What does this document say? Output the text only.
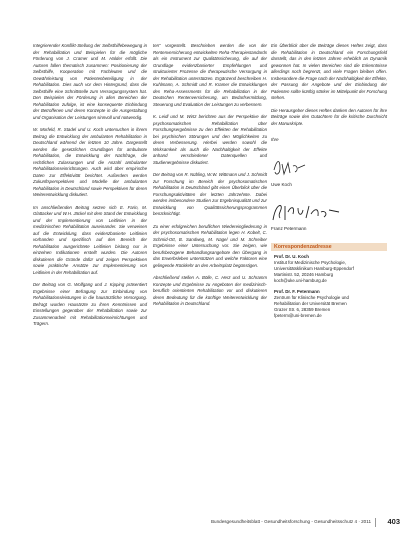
Integrierender Konflikt-Stellung der Selbsthilfebewegung in der Rehabilitation und Beispielen für die mögliche Förderung von J. Cramer und M. Halder erfüllt. Die Autoren fallen thematisch zusammen: Positionierung der Selbsthilfe, Kooperation mit Fachleuten und die Gewährleistung von Patientenbeteiligung in der Rehabilitation. Dies auch vor dem Hintergrund, dass die Selbsthilfe eine Schnittstelle zum Versorgungssystem hat. Den Beispielen der Förderung in allen Bereichen der Rehabilitation zufolge, ist eine konsequente Einbindung der Betroffenen und deren Konzepte in die Ausgestaltung und Organisation der Leistungen sinnvoll und notwendig.

W. Morfeld, R. Stadel und U. Koch untersuchen in ihrem Beitrag die Entwicklung der ambulanten Rehabilitation in Deutschland während der letzten 10 Jahre. Dargestellt werden die gesetzlichen Grundlagen für ambulante Rehabilitation, die Entwicklung der Nachfrage, die rechtlichen Zulassungen und die Anzahl ambulanter Rehabilitationseinrichtungen. Auch wird über empirische Daten zur Effektivität berichtet. Außerdem werden Zukunftsperspektiven und Modelle der ambulanten Rehabilitation in Deutschland sowie Perspektiven für deren Weiterentwicklung diskutiert.

Im anschließenden Beitrag setzen sich E. Farin, M. Glattacker und W.H. Jäckel mit dem Stand der Entwicklung und der Implementierung von Leitlinien in der medizinischen Rehabilitation auseinander. Sie verweisen auf die Entwicklung, dass evidenzbasierte Leitlinien vorhanden und spezifisch auf den Bereich der Rehabilitation ausgerichtete Leitlinien bislang nur in einzelnen Indikationen erstellt wurden. Die Autoren diskutieren die Gründe dafür und zeigen Perspektiven sowie praktische Ansätze zur Implementierung von Leitlinien in der Rehabilitation auf.

Der Beitrag von G. Wolfgang und J. Kipping präsentiert Ergebnisse einer Befragung zur Einbindung von Rehabilitationsleistungen in die hausärztliche Versorgung. Befragt wurden Hausärzte zu ihren Kenntnissen und Einstellungen gegenüber der Rehabilitation sowie zur Zusammenarbeit mit Rehabilitationseinrichtungen und Trägern.

ten" vorgestellt. Beschrieben werden die von der Rentenversicherung entwickelten Reha-Therapiestandards als ein Instrument zur Qualitätssicherung, die auf der Grundlage evidenzbasierter Empfehlungen und strukturierter Prozesse die therapeutische Versorgung in der Rehabilitation unterstützen. Ergänzend beschreiben H. Kuhlmann, A. Schmidt und R. Kramer die Entwicklungen des Reha-Assessments für die Rehabilitation in der Deutschen Rentenversicherung, um Bedarfsermittlung, Steuerung und Evaluation der Leistungen zu verbessern.

K. Leidl und M. Wirtz berichten aus der Perspektive der psychosomatischen Rehabilitation über Forschungsergebnisse zu den Effekten der Rehabilitation bei psychischen Störungen und den Möglichkeiten zu deren Verbesserung. Hierbei werden sowohl die Wirksamkeit als auch die Nachhaltigkeit der Effekte anhand verschiedener Datenquellen und Studienergebnisse diskutiert.

Der Beitrag von R. Nübling, W.W. Wittmann und J. Schmidt zur Forschung im Bereich der psychosomatischen Rehabilitation in Deutschland gibt einen Überblick über die Forschungsaktivitäten der letzten Jahrzehnte. Dabei werden insbesondere Studien zur Ergebnisqualität und zur Entwicklung von Qualitätssicherungsprogrammen berücksichtigt.

Zu einer erfolgreichen beruflichen Wiedereingliederung in der psychosomatischen Rehabilitation legen H. Kobelt, C. Schmid-Ott, B. Sandweg, M. Nagel und M. Schreiber Ergebnisse einer Untersuchung vor. Sie zeigen, wie berufsbezogene Behandlungsangebote den Übergang in das Erwerbsleben unterstützen und welche Faktoren eine gelingende Rückkehr an den Arbeitsplatz begünstigen.

Abschließend stellen A. Bölle, C. Herz und U. Schramm Konzepte und Ergebnisse zu Angeboten der medizinisch-beruflich orientierten Rehabilitation vor und diskutieren deren Bedeutung für die künftige Weiterentwicklung der Rehabilitation in Deutschland.

Ein Überblick über die Beiträge dieses Heftes zeigt, dass die Rehabilitation in Deutschland ein Forschungsfeld darstellt, das in den letzten Jahren erheblich an Dynamik gewonnen hat. In vielen Bereichen sind die Erkenntnisse allerdings noch begrenzt, und viele Fragen bleiben offen. Insbesondere die Frage nach der Nachhaltigkeit der Effekte, der Passung der Angebote und der Einbindung der Patienten sollte künftig stärker im Mittelpunkt der Forschung stehen.

Die Herausgeber dieses Heftes danken den Autoren für ihre Beiträge sowie den Gutachtern für die kritische Durchsicht der Manuskripte.

Ihre
Uwe Koch
Franz Petermann
Korrespondenzadresse
Prof. Dr. U. Koch
Institut für Medizinische Psychologie,
Universitätsklinikum Hamburg-Eppendorf
Martinistr. 52, 20246 Hamburg
koch@uke.uni-hamburg.de
Prof. Dr. F. Petermann
Zentrum für Klinische Psychologie und
Rehabilitation der Universität Bremen
Grazer Str. 6, 28359 Bremen
fpeterm@uni-bremen.de
Bundesgesundheitsblatt - Gesundheitsforschung - Gesundheitsschutz 4 · 2011 403
